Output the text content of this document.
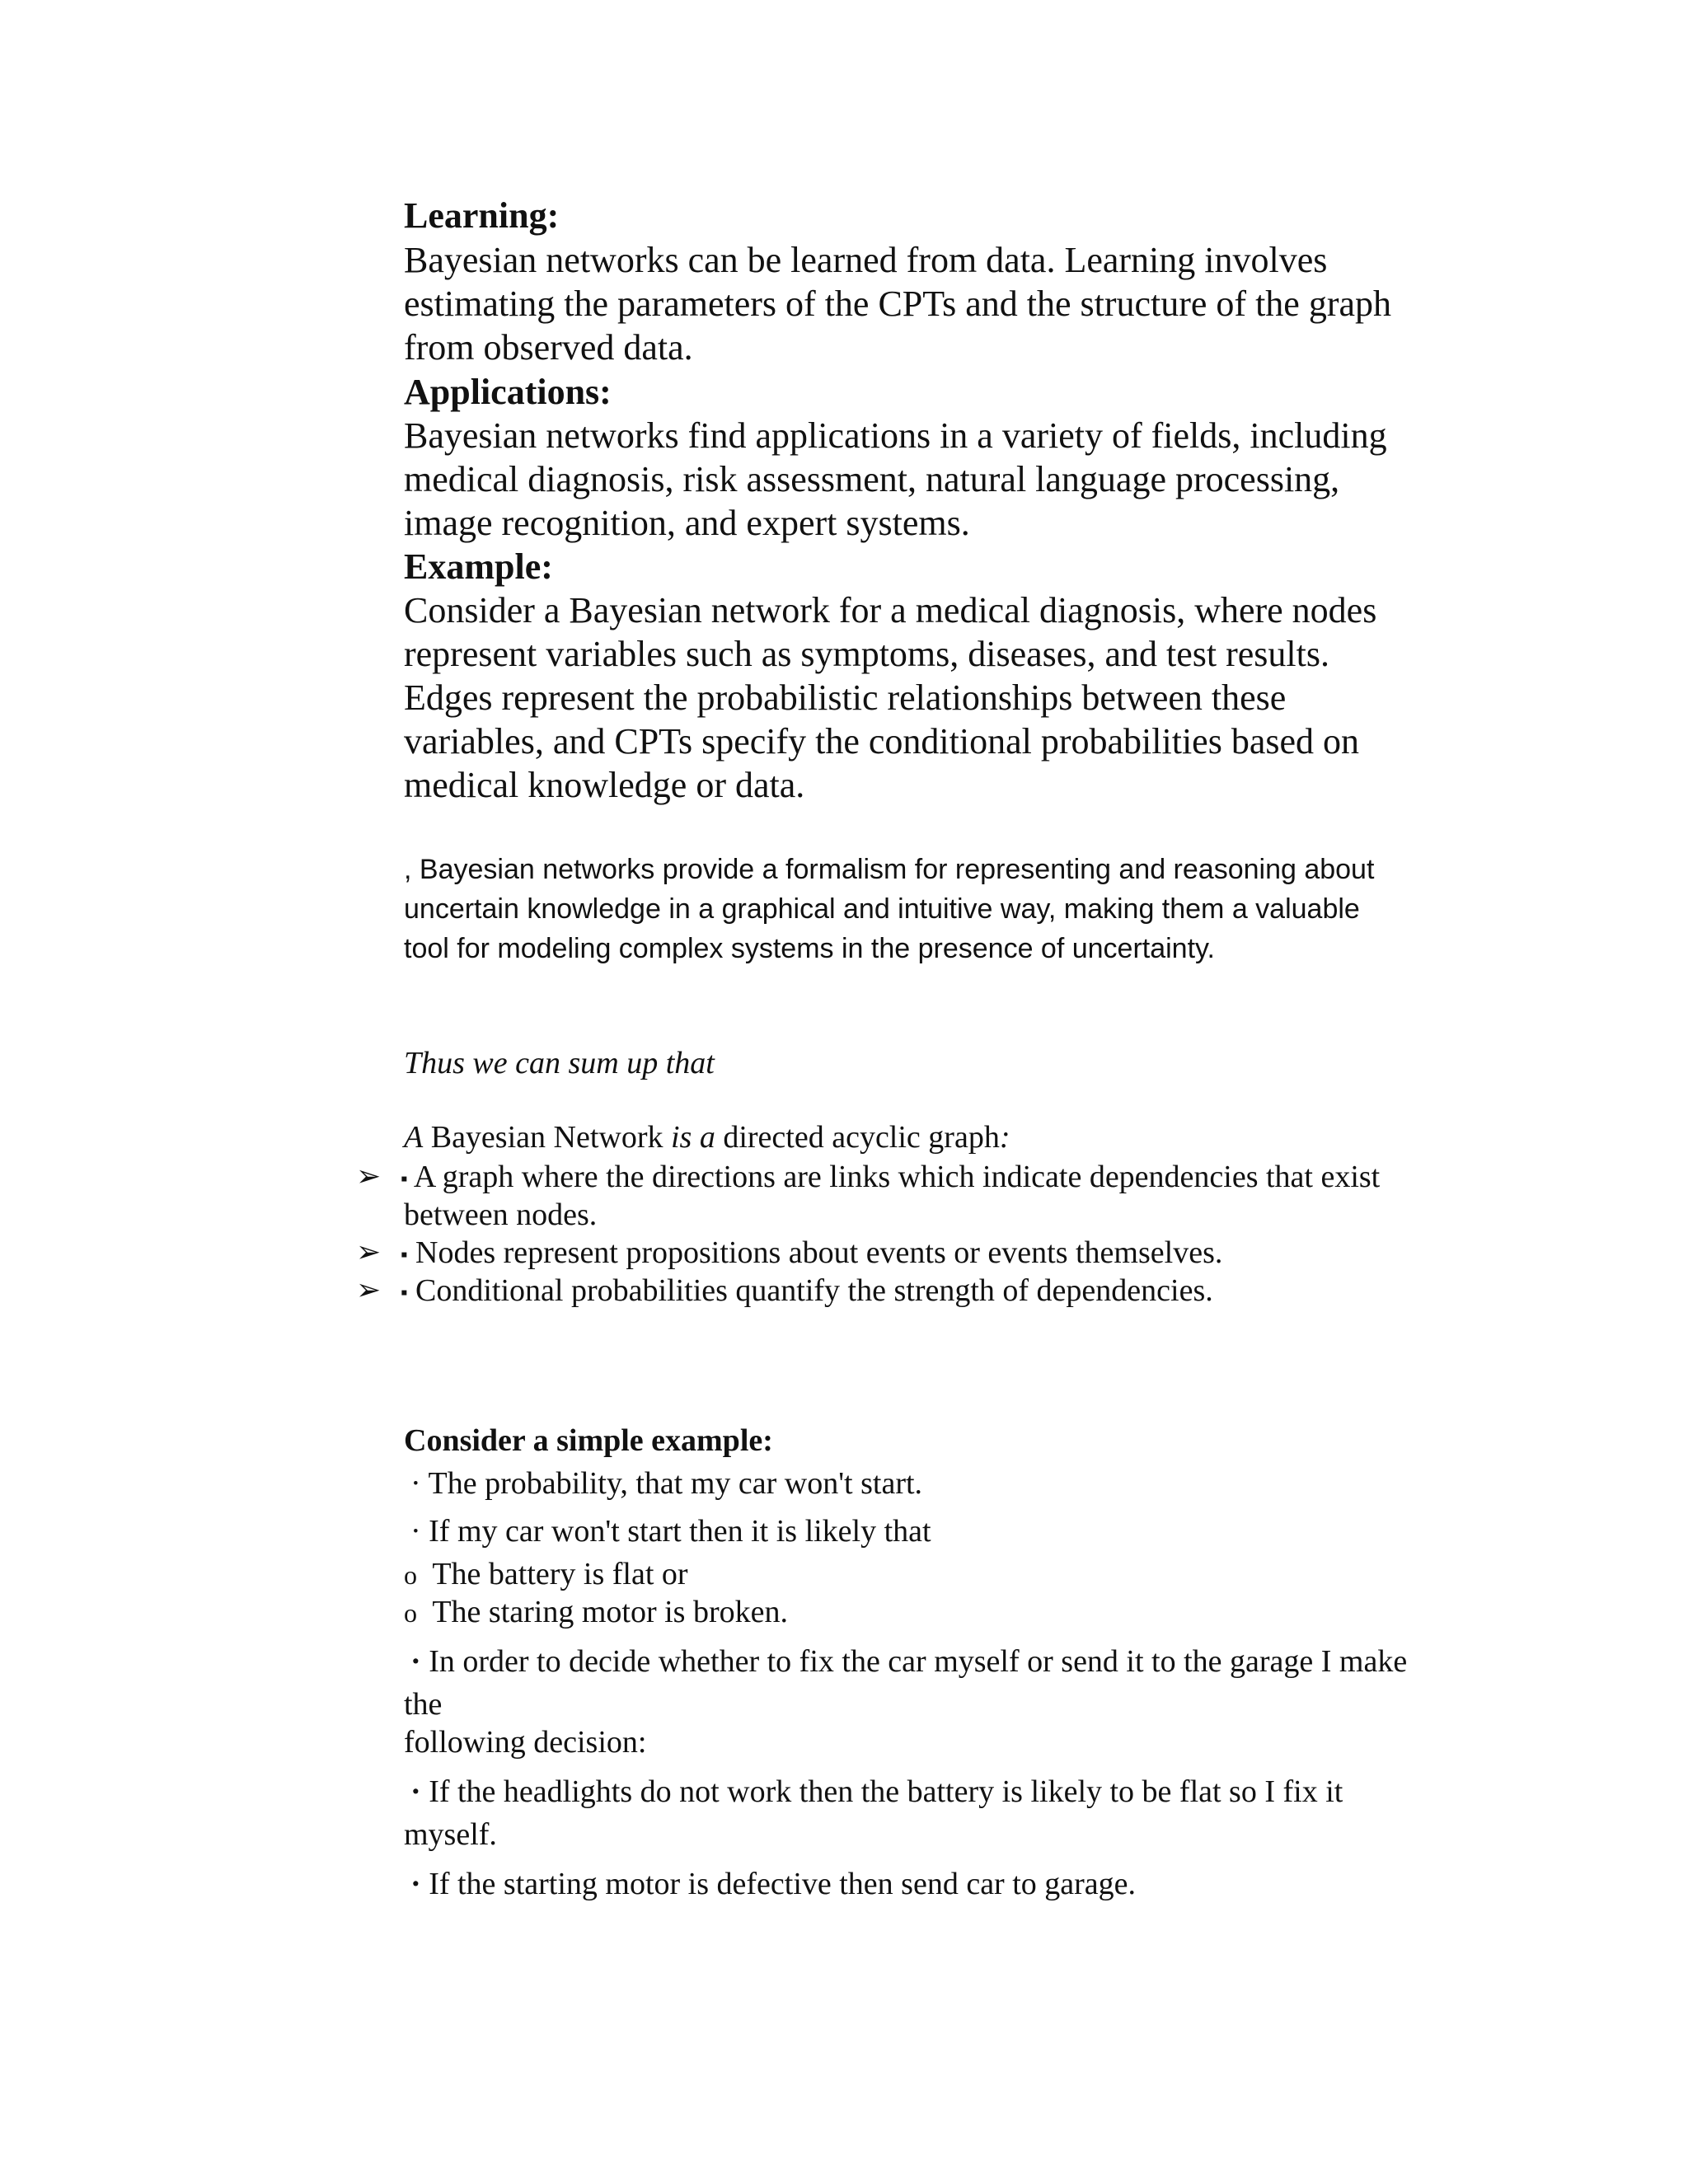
Learning:
Bayesian networks can be learned from data. Learning involves
estimating the parameters of the CPTs and the structure of the graph
from observed data.
Applications:
Bayesian networks find applications in a variety of fields, including
medical diagnosis, risk assessment, natural language processing,
image recognition, and expert systems.
Example:
Consider a Bayesian network for a medical diagnosis, where nodes
represent variables such as symptoms, diseases, and test results.
Edges represent the probabilistic relationships between these
variables, and CPTs specify the conditional probabilities based on
medical knowledge or data.
, Bayesian networks provide a formalism for representing and reasoning about
uncertain knowledge in a graphical and intuitive way, making them a valuable
tool for modeling complex systems in the presence of uncertainty.
Thus we can sum up that
A Bayesian Network is a directed acyclic graph:
➢ ▪ A graph where the directions are links which indicate dependencies that exist
between nodes.
➢ ▪ Nodes represent propositions about events or events themselves.
➢ ▪ Conditional probabilities quantify the strength of dependencies.
Consider a simple example:
· The probability, that my car won't start.
· If my car won't start then it is likely that
o The battery is flat or
o The staring motor is broken.
· In order to decide whether to fix the car myself or send it to the garage I make
the
following decision:
· If the headlights do not work then the battery is likely to be flat so I fix it
myself.
· If the starting motor is defective then send car to garage.
